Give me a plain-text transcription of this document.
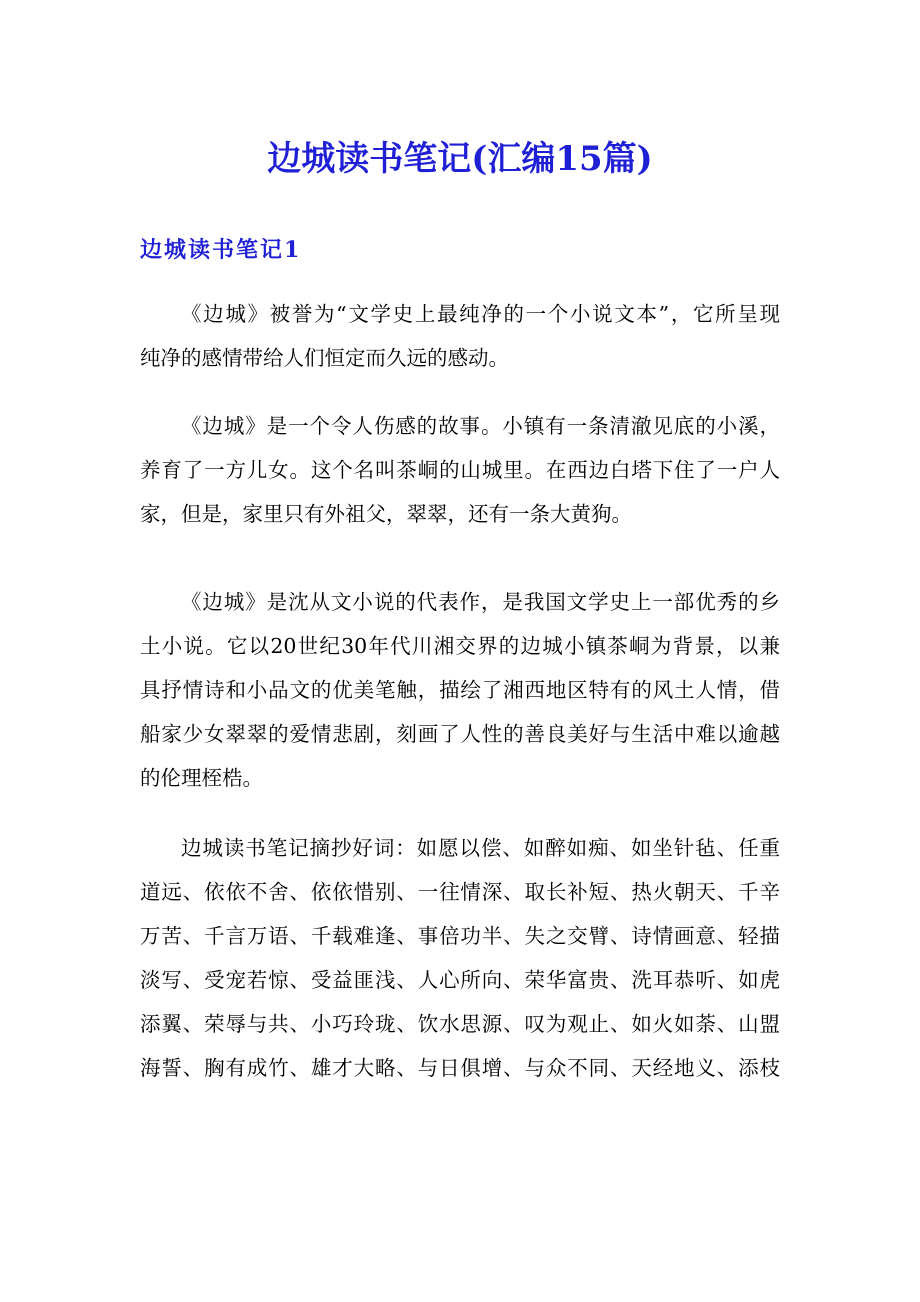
边城读书笔记(汇编15篇)
边城读书笔记1
《边城》被誉为“文学史上最纯净的一个小说文本”，它所呈现
纯净的感情带给人们恒定而久远的感动。
《边城》是一个令人伤感的故事。小镇有一条清澈见底的小溪，
养育了一方儿女。这个名叫茶峒的山城里。在西边白塔下住了一户人
家，但是，家里只有外祖父，翠翠，还有一条大黄狗。
《边城》是沈从文小说的代表作，是我国文学史上一部优秀的乡
土小说。它以20世纪30年代川湘交界的边城小镇茶峒为背景，以兼
具抒情诗和小品文的优美笔触，描绘了湘西地区特有的风土人情，借
船家少女翠翠的爱情悲剧，刻画了人性的善良美好与生活中难以逾越
的伦理桎梏。
边城读书笔记摘抄好词：如愿以偿、如醉如痴、如坐针毡、任重
道远、依依不舍、依依惜别、一往情深、取长补短、热火朝天、千辛
万苦、千言万语、千载难逢、事倍功半、失之交臂、诗情画意、轻描
淡写、受宠若惊、受益匪浅、人心所向、荣华富贵、洗耳恭听、如虎
添翼、荣辱与共、小巧玲珑、饮水思源、叹为观止、如火如荼、山盟
海誓、胸有成竹、雄才大略、与日俱增、与众不同、天经地义、添枝
